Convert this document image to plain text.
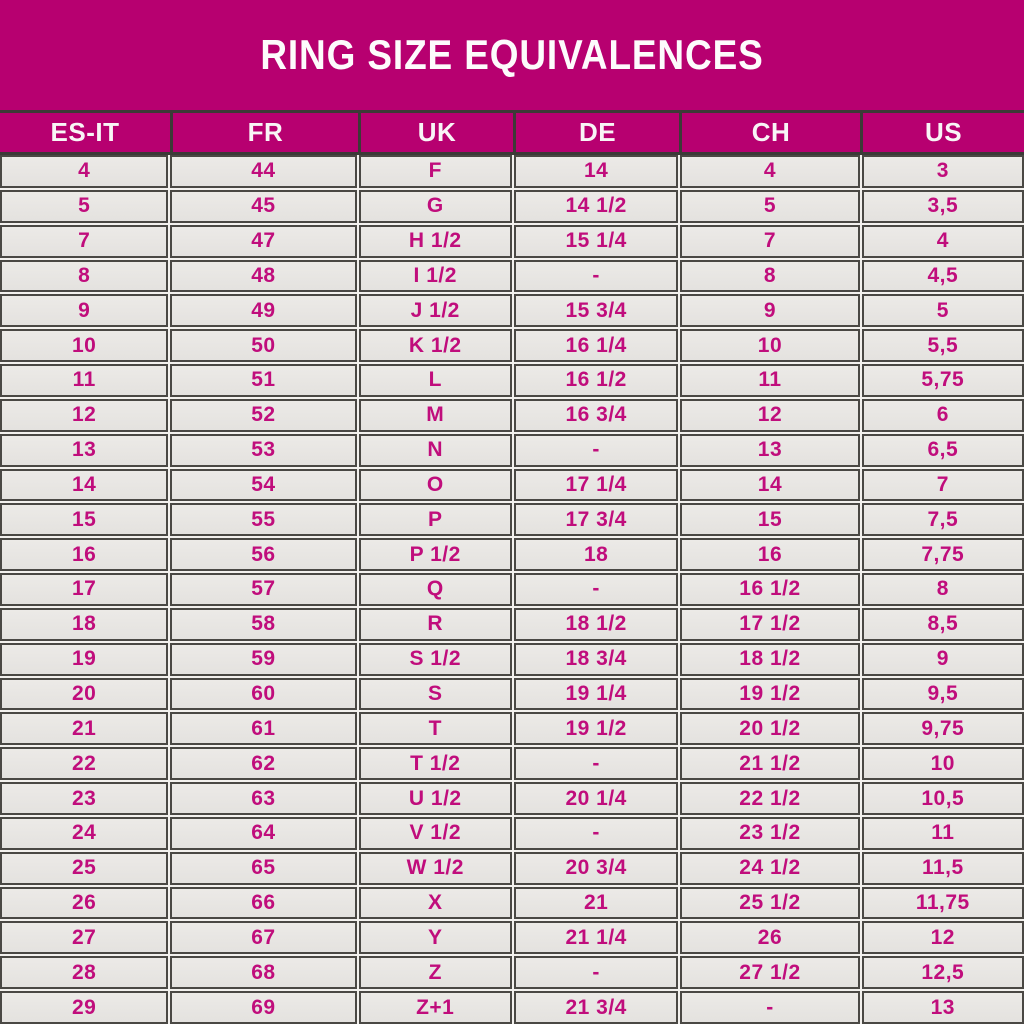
RING SIZE EQUIVALENCES
ES-IT	FR	UK	DE	CH	US
4	44	F	14	4	3
5	45	G	14 1/2	5	3,5
7	47	H 1/2	15 1/4	7	4
8	48	I 1/2	-	8	4,5
9	49	J 1/2	15 3/4	9	5
10	50	K 1/2	16 1/4	10	5,5
11	51	L	16 1/2	11	5,75
12	52	M	16 3/4	12	6
13	53	N	-	13	6,5
14	54	O	17 1/4	14	7
15	55	P	17 3/4	15	7,5
16	56	P 1/2	18	16	7,75
17	57	Q	-	16 1/2	8
18	58	R	18 1/2	17 1/2	8,5
19	59	S 1/2	18 3/4	18 1/2	9
20	60	S	19 1/4	19 1/2	9,5
21	61	T	19 1/2	20 1/2	9,75
22	62	T 1/2	-	21 1/2	10
23	63	U 1/2	20 1/4	22 1/2	10,5
24	64	V 1/2	-	23 1/2	11
25	65	W 1/2	20 3/4	24 1/2	11,5
26	66	X	21	25 1/2	11,75
27	67	Y	21 1/4	26	12
28	68	Z	-	27 1/2	12,5
29	69	Z+1	21 3/4	-	13
